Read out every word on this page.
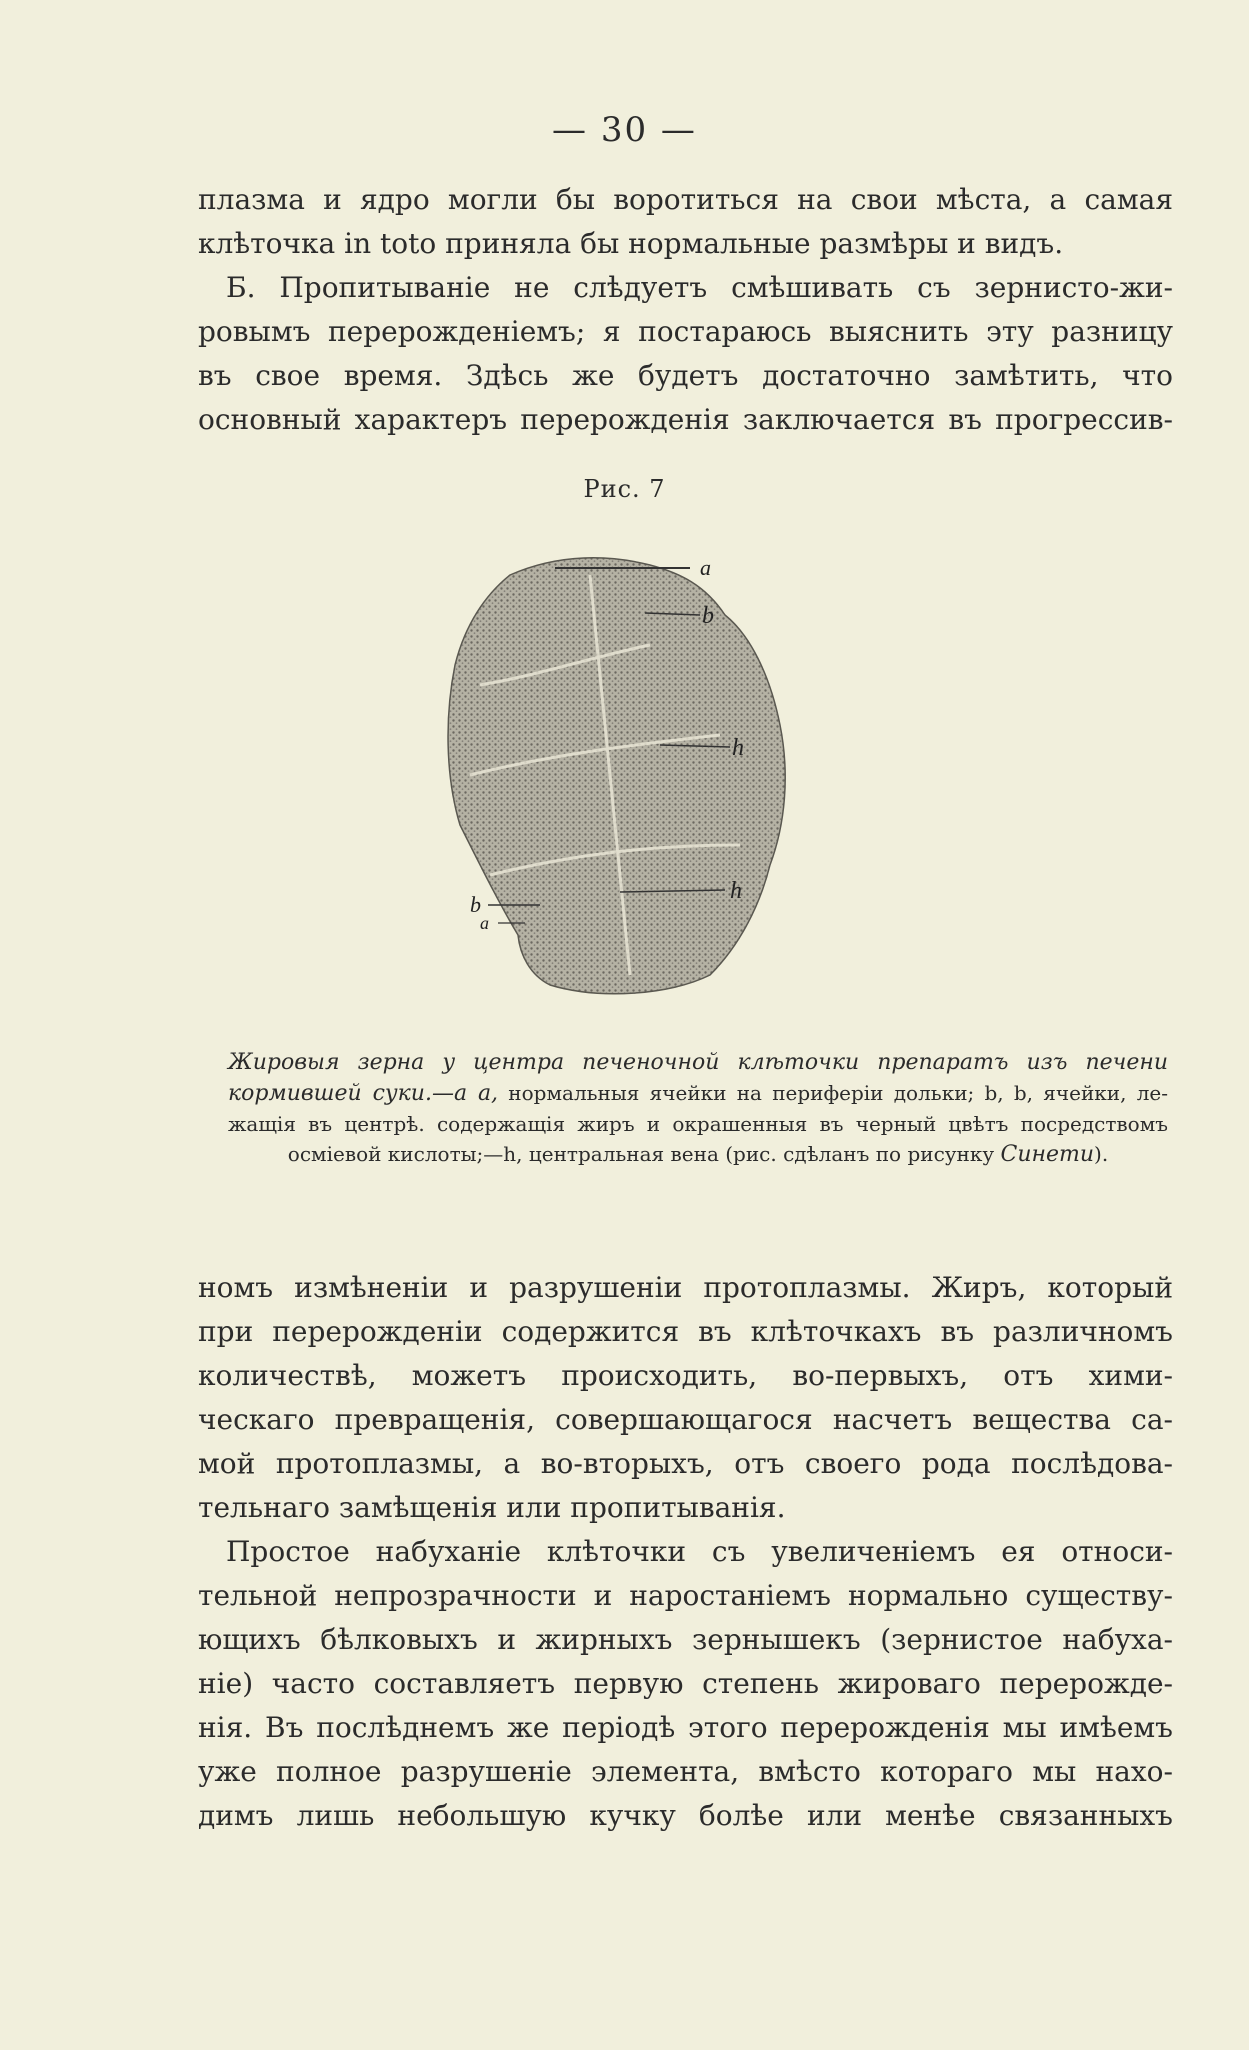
— 30 —

плазма и ядро могли бы воротиться на свои мѣста, а самая

клѣточка in toto приняла бы нормальные размѣры и видъ.

Б. Пропитываніе не слѣдуетъ смѣшивать съ зернисто-жи-

ровымъ перерожденіемъ; я постараюсь выяснить эту разницу

въ свое время. Здѣсь же будетъ достаточно замѣтить, что

основный характеръ перерожденія заключается въ прогрессив-

Рис. 7
a
b
h
h
b
a
Жировыя зерна у центра печеночной клѣточки препаратъ изъ печени
кормившей суки.—a a, нормальныя ячейки на периферіи дольки; b, b, ячейки, ле-
жащія въ центрѣ. содержащія жиръ и окрашенныя въ черный цвѣтъ посредствомъ
осміевой кислоты;—h, центральная вена (рис. сдѣланъ по рисунку Синети).

номъ измѣненіи и разрушеніи протоплазмы. Жиръ, который

при перерожденіи содержится въ клѣточкахъ въ различномъ

количествѣ, можетъ происходить, во-первыхъ, отъ хими-

ческаго превращенія, совершающагося насчетъ вещества са-

мой протоплазмы, а во-вторыхъ, отъ своего рода послѣдова-

тельнаго замѣщенія или пропитыванія.

Простое набуханіе клѣточки съ увеличеніемъ ея относи-

тельной непрозрачности и наростаніемъ нормально существу-

ющихъ бѣлковыхъ и жирныхъ зернышекъ (зернистое набуха-

ніе) часто составляетъ первую степень жироваго перерожде-

нія. Въ послѣднемъ же періодѣ этого перерожденія мы имѣемъ

уже полное разрушеніе элемента, вмѣсто котораго мы нахо-

димъ лишь небольшую кучку болѣе или менѣе связанныхъ
